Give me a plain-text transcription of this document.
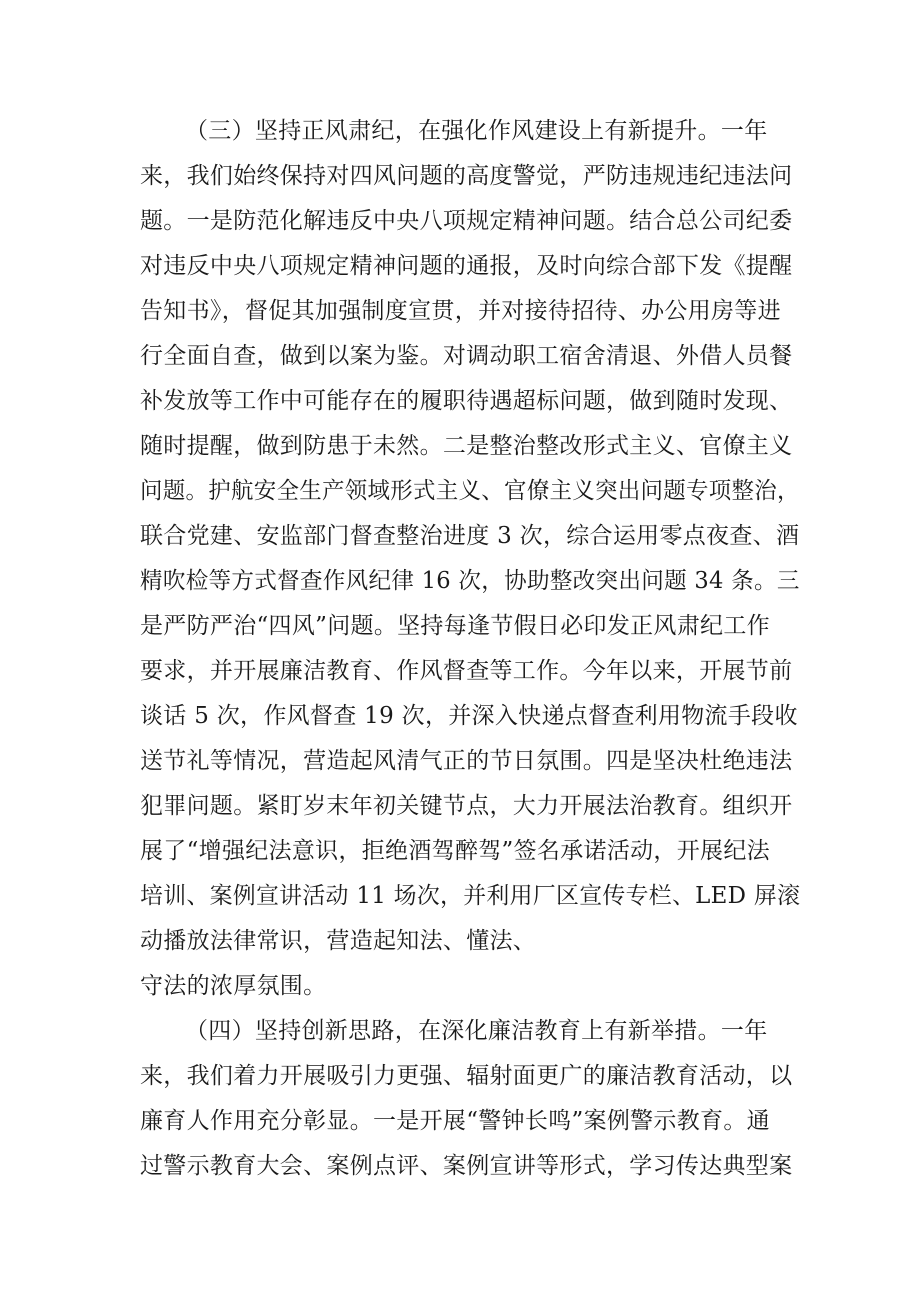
（三）坚持正风肃纪，在强化作风建设上有新提升。一年

来，我们始终保持对四风问题的高度警觉，严防违规违纪违法问

题。一是防范化解违反中央八项规定精神问题。结合总公司纪委

对违反中央八项规定精神问题的通报，及时向综合部下发《提醒

告知书》，督促其加强制度宣贯，并对接待招待、办公用房等进

行全面自查，做到以案为鉴。对调动职工宿舍清退、外借人员餐

补发放等工作中可能存在的履职待遇超标问题，做到随时发现、

随时提醒，做到防患于未然。二是整治整改形式主义、官僚主义

问题。护航安全生产领域形式主义、官僚主义突出问题专项整治，

联合党建、安监部门督查整治进度 3 次，综合运用零点夜查、酒

精吹检等方式督查作风纪律 16 次，协助整改突出问题 34 条。三

是严防严治“四风”问题。坚持每逢节假日必印发正风肃纪工作

要求，并开展廉洁教育、作风督查等工作。今年以来，开展节前

谈话 5 次，作风督查 19 次，并深入快递点督查利用物流手段收

送节礼等情况，营造起风清气正的节日氛围。四是坚决杜绝违法

犯罪问题。紧盯岁末年初关键节点，大力开展法治教育。组织开

展了“增强纪法意识，拒绝酒驾醉驾”签名承诺活动，开展纪法

培训、案例宣讲活动 11 场次，并利用厂区宣传专栏、LED 屏滚

动播放法律常识，营造起知法、懂法、

守法的浓厚氛围。

（四）坚持创新思路，在深化廉洁教育上有新举措。一年

来，我们着力开展吸引力更强、辐射面更广的廉洁教育活动，以

廉育人作用充分彰显。一是开展“警钟长鸣”案例警示教育。通

过警示教育大会、案例点评、案例宣讲等形式，学习传达典型案
